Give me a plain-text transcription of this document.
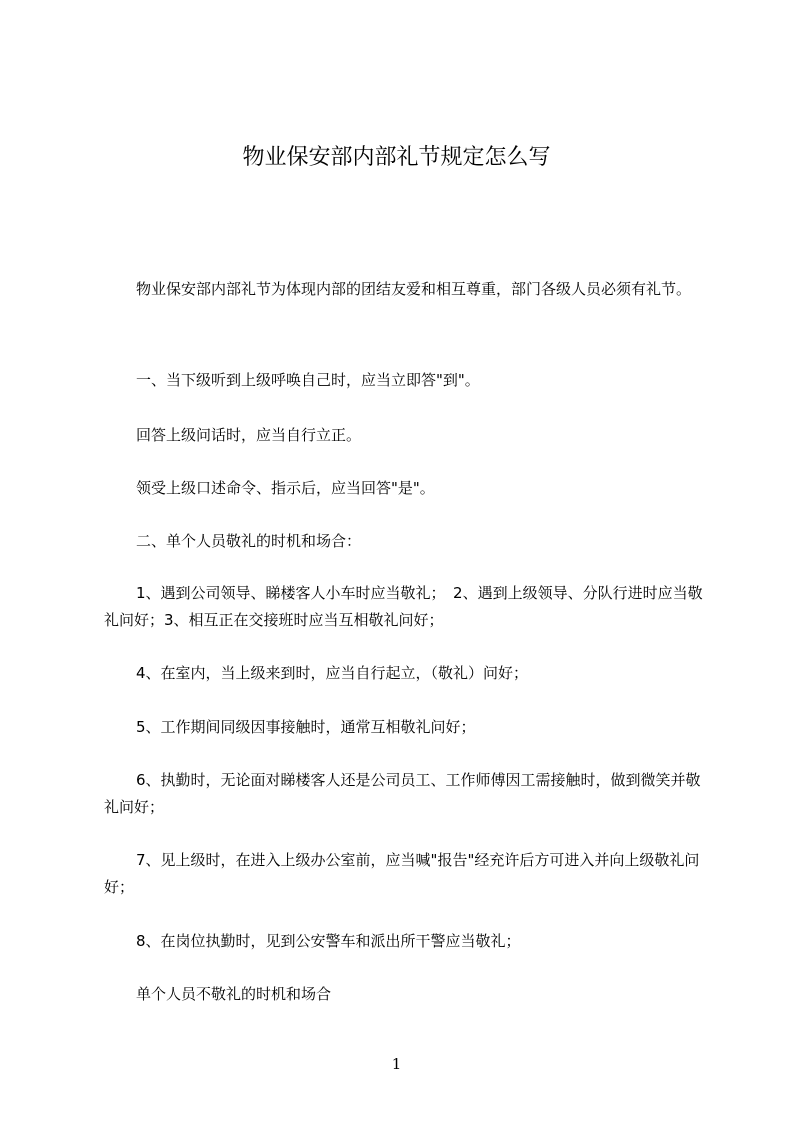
物业保安部内部礼节规定怎么写

物业保安部内部礼节为体现内部的团结友爱和相互尊重，部门各级人员必须有礼节。

一、当下级听到上级呼唤自己时，应当立即答"到"。

回答上级问话时，应当自行立正。

领受上级口述命令、指示后，应当回答"是"。

二、单个人员敬礼的时机和场合：

1、遇到公司领导、睇楼客人小车时应当敬礼；　2、遇到上级领导、分队行进时应当敬礼问好；3、相互正在交接班时应当互相敬礼问好；

4、在室内，当上级来到时，应当自行起立，（敬礼）问好；

5、工作期间同级因事接触时，通常互相敬礼问好；

6、执勤时，无论面对睇楼客人还是公司员工、工作师傅因工需接触时，做到微笑并敬礼问好；

7、见上级时，在进入上级办公室前，应当喊"报告"经充许后方可进入并向上级敬礼问好；

8、在岗位执勤时，见到公安警车和派出所干警应当敬礼；

单个人员不敬礼的时机和场合

1
